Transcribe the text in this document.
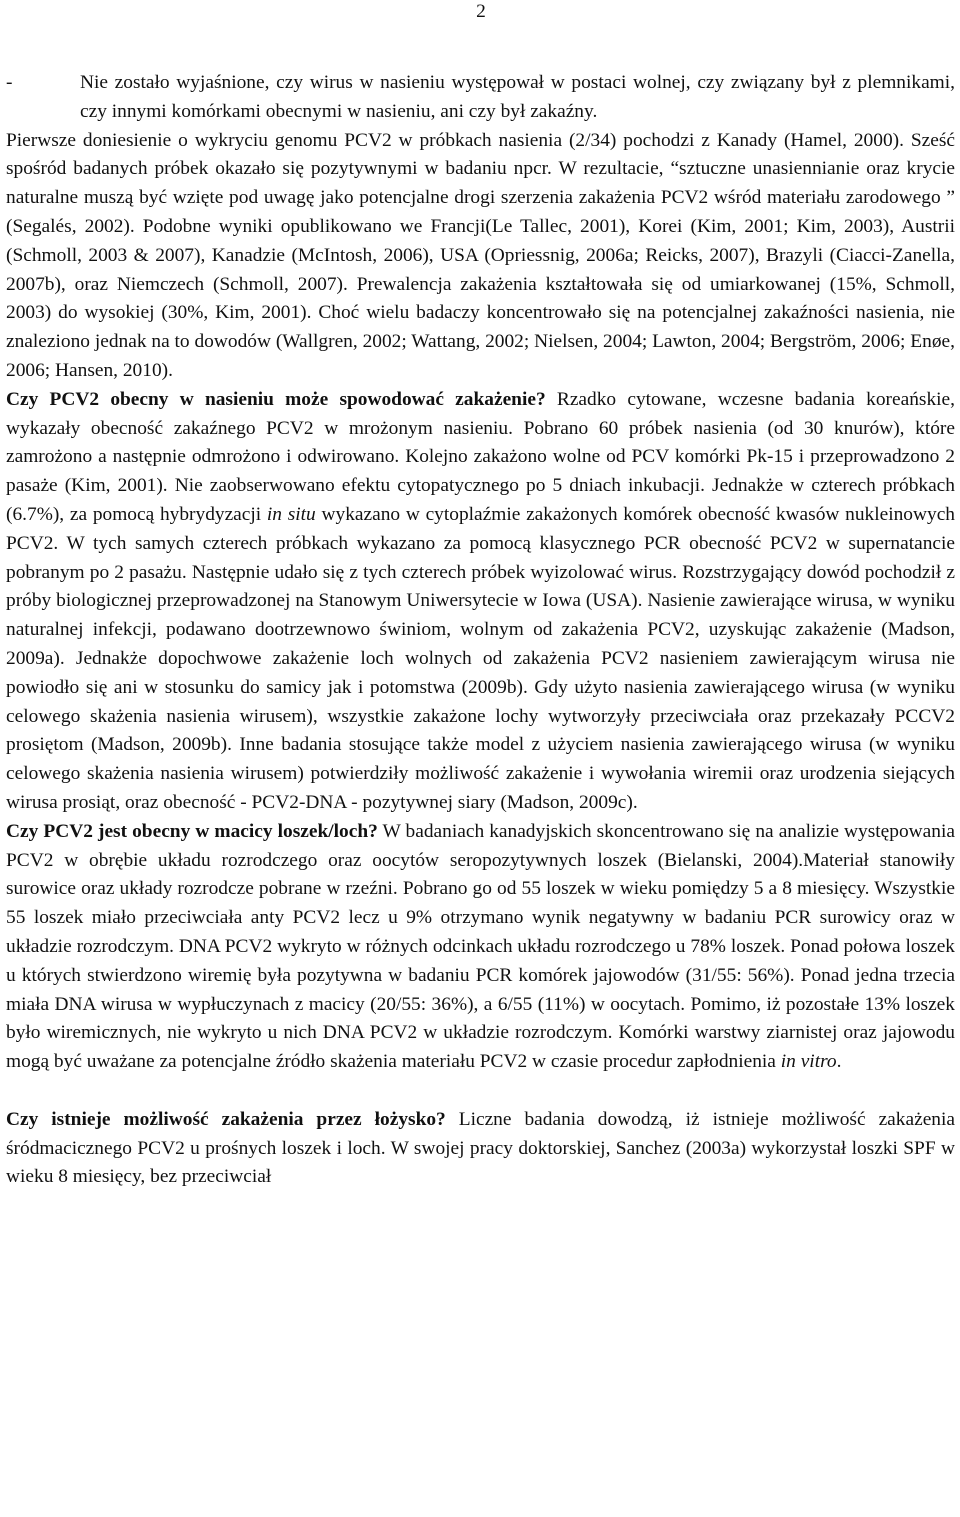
2
-	Nie zostało wyjaśnione, czy wirus w nasieniu występował w postaci wolnej, czy związany był z plemnikami, czy innymi komórkami obecnymi w nasieniu, ani czy był zakaźny.

Pierwsze doniesienie o wykryciu genomu PCV2 w próbkach nasienia (2/34) pochodzi z Kanady (Hamel, 2000). Sześć spośród badanych próbek okazało się pozytywnymi w badaniu npcr. W rezultacie, “sztuczne unasiennianie oraz krycie naturalne muszą być wzięte pod uwagę jako potencjalne drogi szerzenia zakażenia PCV2 wśród materiału zarodowego ” (Segalés, 2002). Podobne wyniki opublikowano we Francji(Le Tallec, 2001), Korei (Kim, 2001; Kim, 2003), Austrii (Schmoll, 2003 & 2007), Kanadzie (McIntosh, 2006), USA (Opriessnig, 2006a; Reicks, 2007), Brazyli (Ciacci-Zanella, 2007b), oraz Niemczech (Schmoll, 2007). Prewalencja zakażenia kształtowała się od umiarkowanej (15%, Schmoll, 2003) do wysokiej (30%, Kim, 2001). Choć wielu badaczy koncentrowało się na potencjalnej zakaźności nasienia, nie znaleziono jednak na to dowodów (Wallgren, 2002; Wattang, 2002; Nielsen, 2004; Lawton, 2004; Bergström, 2006; Enøe, 2006; Hansen, 2010).

Czy PCV2 obecny w nasieniu może spowodować zakażenie? Rzadko cytowane, wczesne badania koreańskie, wykazały obecność zakaźnego PCV2 w mrożonym nasieniu. Pobrano 60 próbek nasienia (od 30 knurów), które zamrożono a następnie odmrożono i odwirowano. Kolejno zakażono wolne od PCV komórki Pk-15 i przeprowadzono 2 pasaże (Kim, 2001). Nie zaobserwowano efektu cytopatycznego po 5 dniach inkubacji. Jednakże w czterech próbkach (6.7%), za pomocą hybrydyzacji in situ wykazano w cytoplaźmie zakażonych komórek obecność kwasów nukleinowych PCV2. W tych samych czterech próbkach wykazano za pomocą klasycznego PCR obecność PCV2 w supernatancie pobranym po 2 pasażu. Następnie udało się z tych czterech próbek wyizolować wirus. Rozstrzygający dowód pochodził z próby biologicznej przeprowadzonej na Stanowym Uniwersytecie w Iowa (USA). Nasienie zawierające wirusa, w wyniku naturalnej infekcji, podawano dootrzewnowo świniom, wolnym od zakażenia PCV2, uzyskując zakażenie (Madson, 2009a). Jednakże dopochwowe zakażenie loch wolnych od zakażenia PCV2 nasieniem zawierającym wirusa nie powiodło się ani w stosunku do samicy jak i potomstwa (2009b). Gdy użyto nasienia zawierającego wirusa (w wyniku celowego skażenia nasienia wirusem), wszystkie zakażone lochy wytworzyły przeciwciała oraz przekazały PCCV2 prosiętom (Madson, 2009b). Inne badania stosujące także model z użyciem nasienia zawierającego wirusa (w wyniku celowego skażenia nasienia wirusem) potwierdziły możliwość zakażenie i wywołania wiremii oraz urodzenia siejących wirusa prosiąt, oraz obecność - PCV2-DNA - pozytywnej siary (Madson, 2009c).

Czy PCV2 jest obecny w macicy loszek/loch? W badaniach kanadyjskich skoncentrowano się na analizie występowania PCV2 w obrębie układu rozrodczego oraz oocytów seropozytywnych loszek (Bielanski, 2004).Materiał stanowiły surowice oraz układy rozrodcze pobrane w rzeźni. Pobrano go od 55 loszek w wieku pomiędzy 5 a 8 miesięcy. Wszystkie 55 loszek miało przeciwciała anty PCV2 lecz u 9% otrzymano wynik negatywny w badaniu PCR surowicy oraz w układzie rozrodczym. DNA PCV2 wykryto w różnych odcinkach układu rozrodczego u 78% loszek. Ponad połowa loszek u których stwierdzono wiremię była pozytywna w badaniu PCR komórek jajowodów (31/55: 56%). Ponad jedna trzecia miała DNA wirusa w wypłuczynach z macicy (20/55: 36%), a 6/55 (11%) w oocytach. Pomimo, iż pozostałe 13% loszek było wiremicznych, nie wykryto u nich DNA PCV2 w układzie rozrodczym. Komórki warstwy ziarnistej oraz jajowodu mogą być uważane za potencjalne źródło skażenia materiału PCV2 w czasie procedur zapłodnienia in vitro.

Czy istnieje możliwość zakażenia przez łożysko? Liczne badania dowodzą, iż istnieje możliwość zakażenia śródmacicznego PCV2 u prośnych loszek i loch. W swojej pracy doktorskiej, Sanchez (2003a) wykorzystał loszki SPF w wieku 8 miesięcy, bez przeciwciał
